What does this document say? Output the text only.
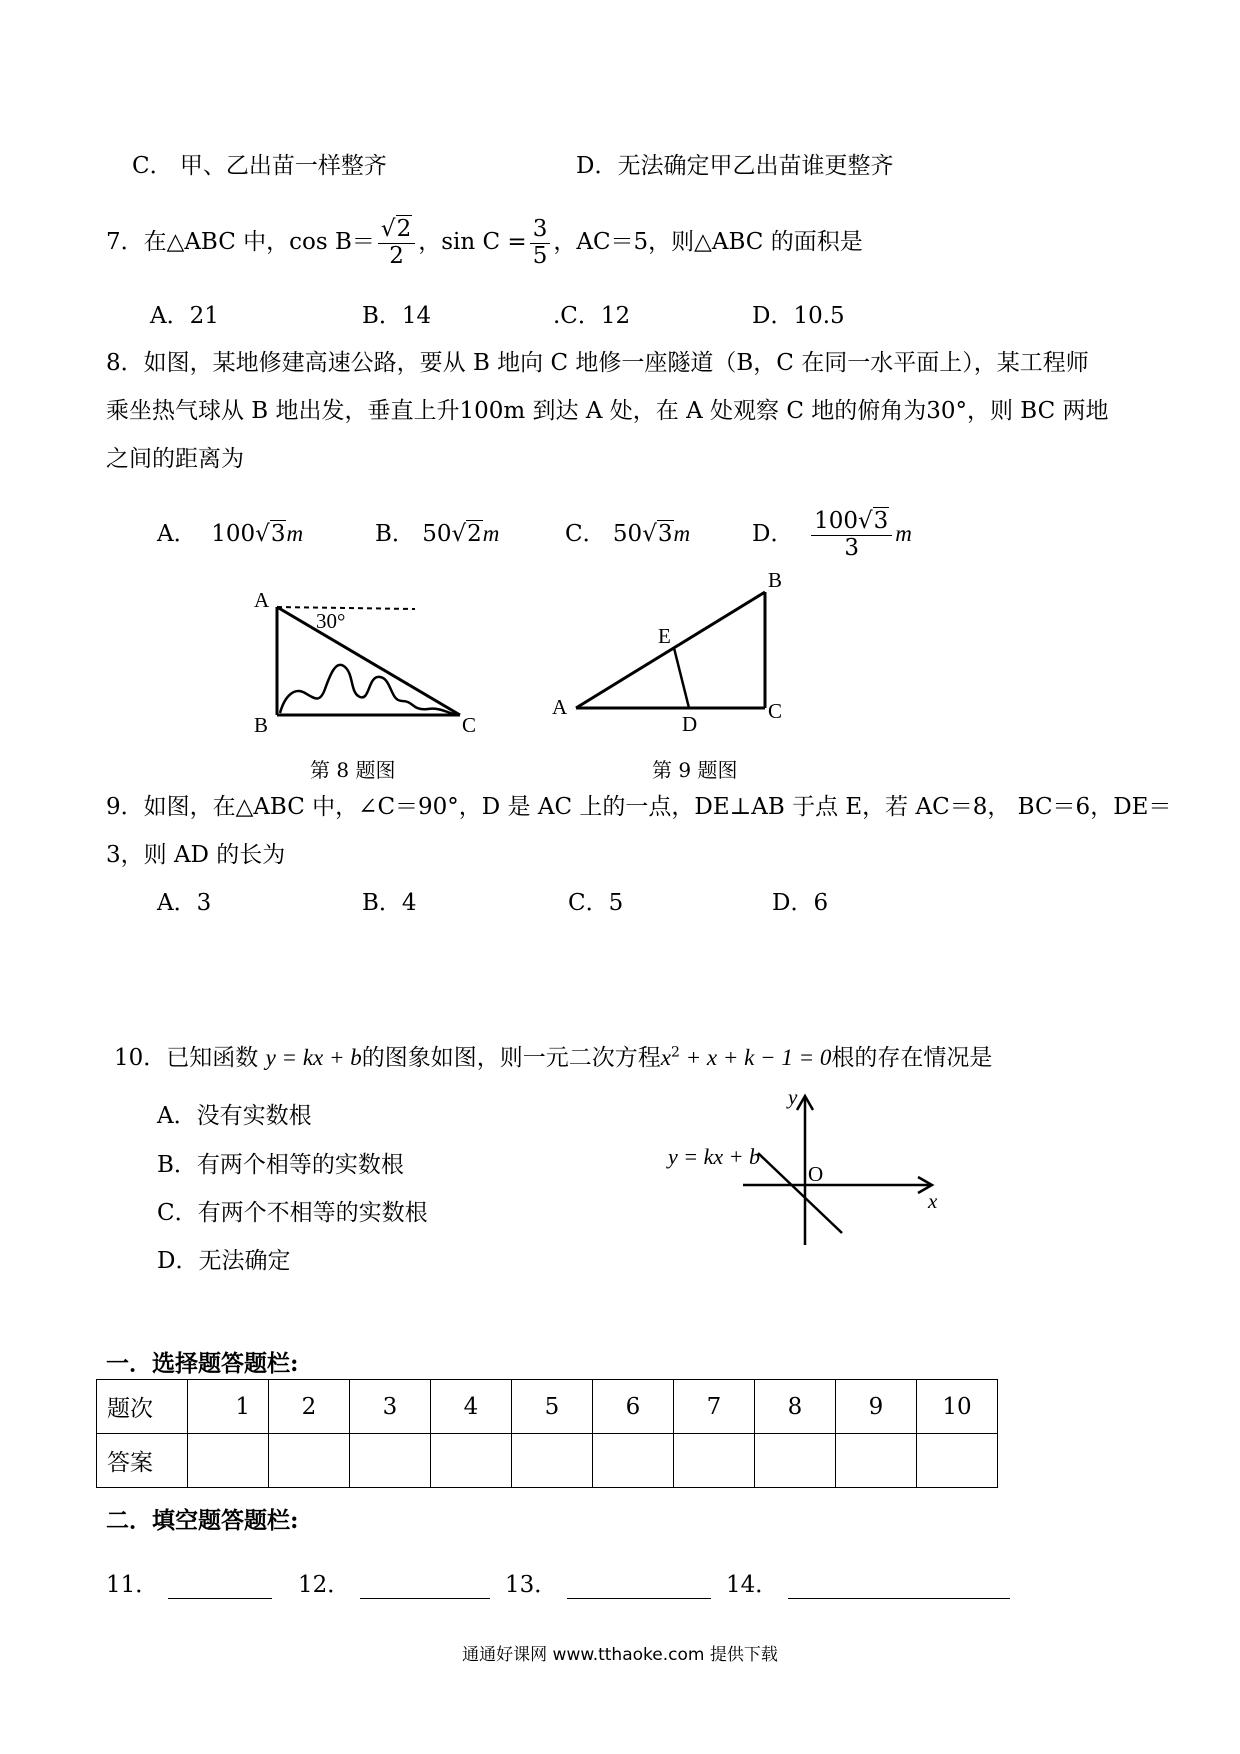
C． 甲、乙出苗一样整齐	D．无法确定甲乙出苗谁更整齐
7．在△ABC 中，$\cos B= \frac{√2}{2}$ ，$\sin C = \frac{3}{5}$ ，AC＝5，则△ABC 的面积是
A．21	B．14	.C．12	D．10.5
8．如图，某地修建高速公路，要从 B 地向 C 地修一座隧道（B，C 在同一水平面上），某工程师
乘坐热气球从 B 地出发，垂直上升100m 到达 A 处，在 A 处观察 C 地的俯角为30°，则 BC 两地
之间的距离为
A． 100√3m	B． 50√2m	C． 50√3m	D． $\frac{100√3}{3}$ m
A
B	C
30°
第 8 题图
A
B
C
D
E
第 9 题图
9．如图，在△ABC 中，∠C＝90°，D 是 AC 上的一点，DE⊥AB 于点 E，若 AC＝8， BC＝6，DE＝
3，则 AD 的长为
A．3	B．4	C．5	D．6
10．已知函数 y = kx + b的图象如图，则一元二次方程$x^2 + x + k - 1 = 0$根的存在情况是
A．没有实数根
B．有两个相等的实数根
C．有两个不相等的实数根
D．无法确定
y = kx + b
y
x
O
一．选择题答题栏:
题次	1	2	3	4	5	6	7	8	9	10
答案										
二．填空题答题栏:
11．	12．	13．	14．
通通好课网 www.tthaoke.com 提供下载
